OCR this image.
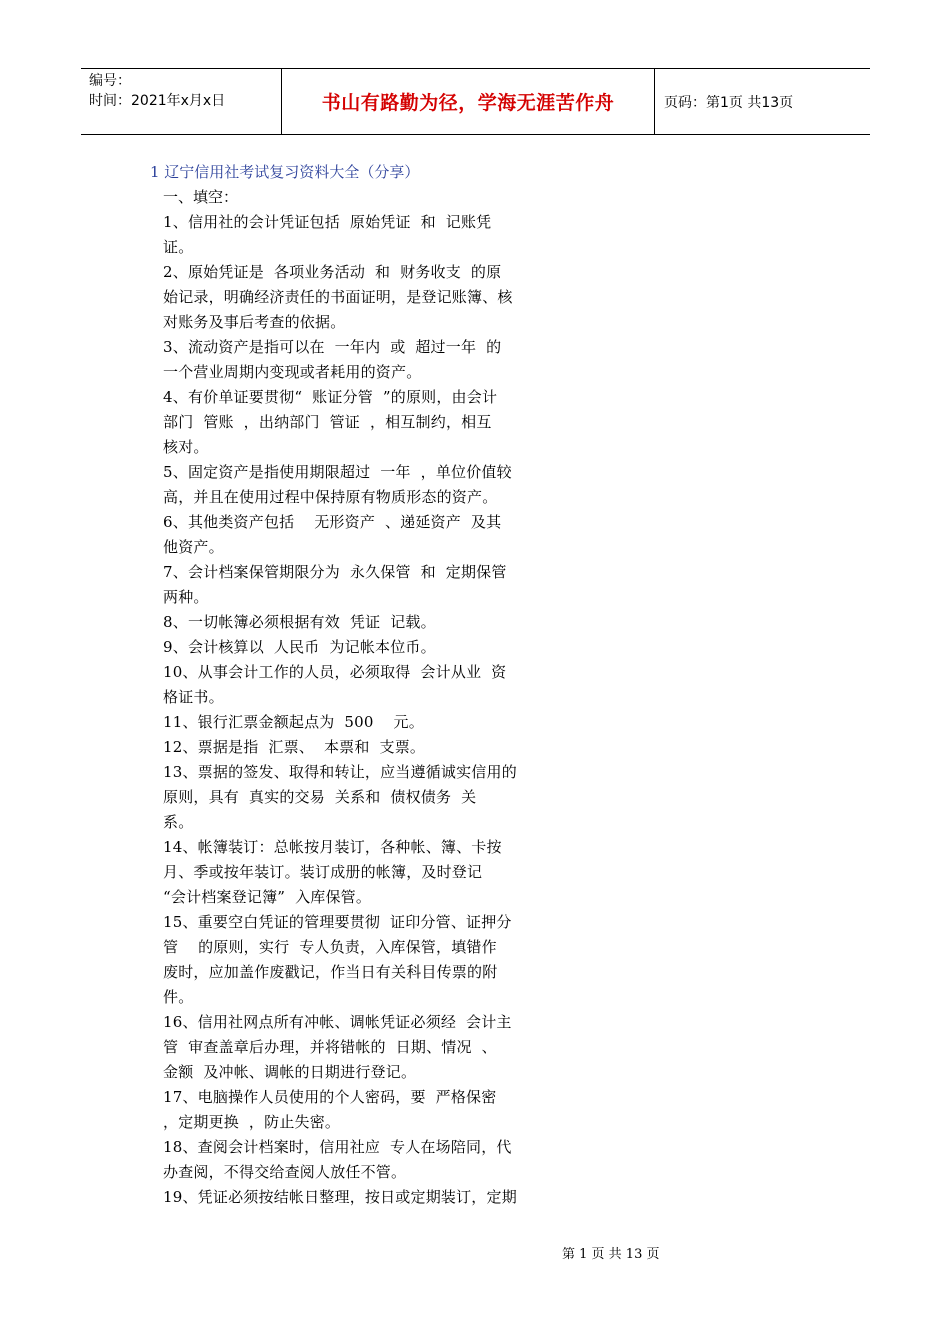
编号：
时间：2021年x月x日	书山有路勤为径，学海无涯苦作舟	页码：第1页 共13页
1 辽宁信用社考试复习资料大全（分享）
一、填空：
1、信用社的会计凭证包括  原始凭证  和  记账凭
证。
2、原始凭证是  各项业务活动  和  财务收支  的原
始记录，明确经济责任的书面证明，是登记账簿、核
对账务及事后考查的依据。
3、流动资产是指可以在  一年内  或  超过一年  的
一个营业周期内变现或者耗用的资产。
4、有价单证要贯彻“  账证分管  ”的原则，由会计
部门  管账  ，出纳部门  管证  ，相互制约，相互
核对。
5、固定资产是指使用期限超过  一年  ，单位价值较
高，并且在使用过程中保持原有物质形态的资产。
6、其他类资产包括    无形资产  、递延资产  及其
他资产。
7、会计档案保管期限分为  永久保管  和  定期保管
两种。
8、一切帐簿必须根据有效  凭证  记载。
9、会计核算以  人民币  为记帐本位币。
10、从事会计工作的人员，必须取得  会计从业  资
格证书。
11、银行汇票金额起点为  500    元。
12、票据是指  汇票、  本票和  支票。
13、票据的签发、取得和转让，应当遵循诚实信用的
原则，具有  真实的交易  关系和  债权债务  关
系。
14、帐簿装订：总帐按月装订，各种帐、簿、卡按
月、季或按年装订。装订成册的帐簿，及时登记
“会计档案登记簿”  入库保管。
15、重要空白凭证的管理要贯彻  证印分管、证押分
管    的原则，实行  专人负责，入库保管，填错作
废时，应加盖作废戳记，作当日有关科目传票的附
件。
16、信用社网点所有冲帐、调帐凭证必须经  会计主
管  审查盖章后办理，并将错帐的  日期、情况  、
金额  及冲帐、调帐的日期进行登记。
17、电脑操作人员使用的个人密码，要  严格保密
，定期更换  ，防止失密。
18、查阅会计档案时，信用社应  专人在场陪同，代
办查阅，不得交给查阅人放任不管。
19、凭证必须按结帐日整理，按日或定期装订，定期

第 1 页 共 13 页
